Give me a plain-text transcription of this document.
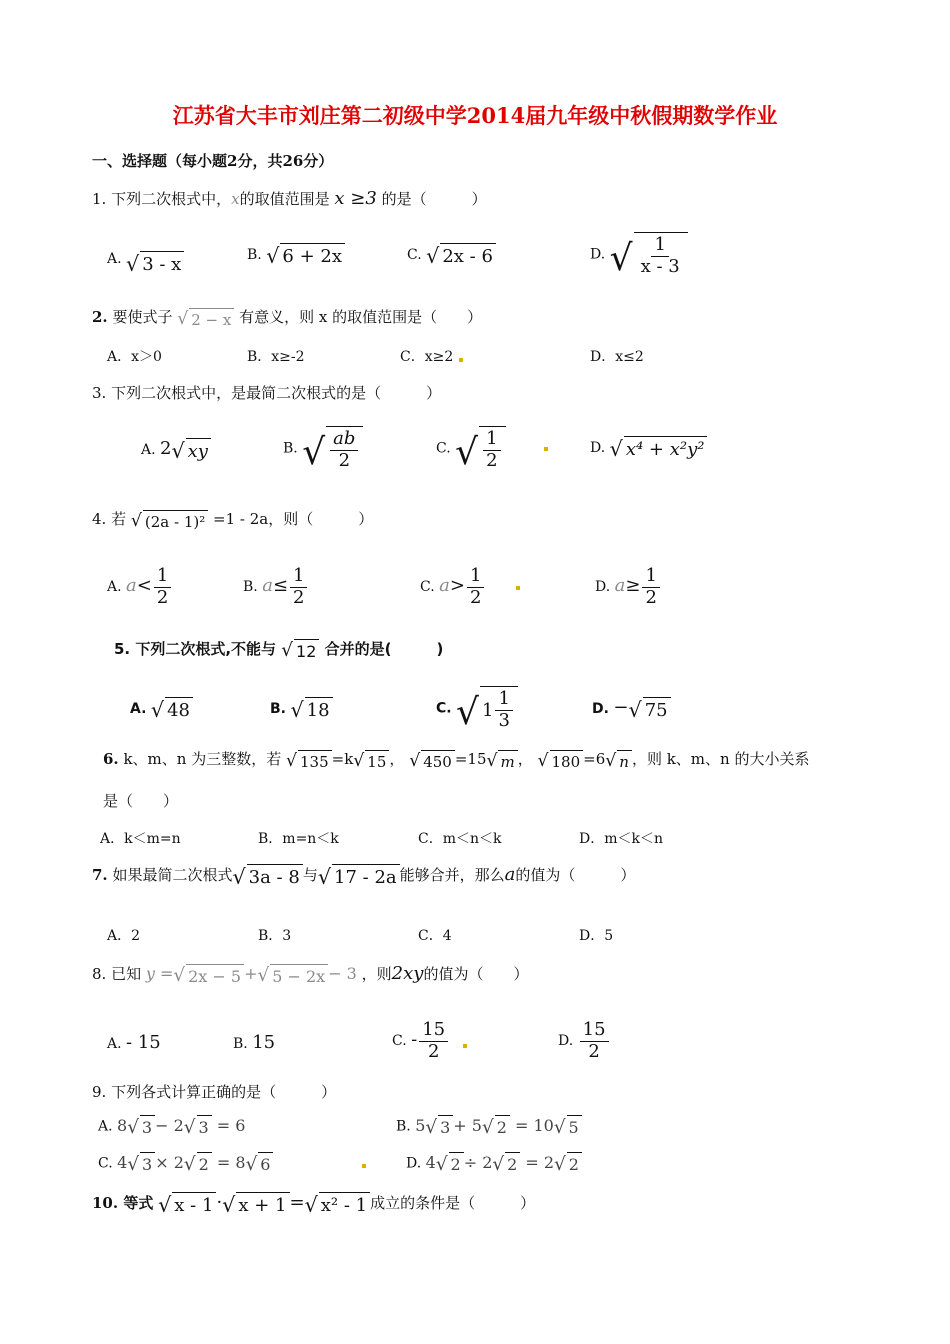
江苏省大丰市刘庄第二初级中学2014届九年级中秋假期数学作业
一、选择题（每小题2分，共26分）
1. 下列二次根式中，x的取值范围是 x ≥3 的是（　　　）
A. √ 3 - x	B. √ 6 + 2x	C. √ 2x - 6	D. √ $\frac{1}{x - 3}$
2. 要使式子 √ 2 − x 有意义，则 x 的取值范围是（　　）
A．x＞0	B．x≥-2	C．x≥2	D．x≤2
3. 下列二次根式中，是最简二次根式的是（　　　）
A. 2 √ xy	B. √ $\frac{ab}{2}$	C. √ $\frac{1}{2}$	D. √ x⁴ + x²y²
4. 若 √ (2a - 1)² =1 - 2a，则（　　　）
A. $a< \frac{1}{2}$	B. $a\le \frac{1}{2}$	C. $a> \frac{1}{2}$	D. $a\ge \frac{1}{2}$
5. 下列二次根式,不能与 √ 12 合并的是(　　　)
A. √ 48	B. √ 18	C. √ $1 \frac{1}{3}$	D. − √ 75
6. k、m、n 为三整数，若 √ 135 =k √ 15 ， √ 450 =15 √ m ， √ 180 =6 √ n ，则 k、m、n 的大小关系
是（　　）
A．k＜m=n	B．m=n＜k	C．m＜n＜k	D．m＜k＜n
7. 如果最简二次根式 √ 3a - 8 与 √ 17 - 2a 能够合并，那么a的值为（　　　）
A．2	B．3	C．4	D．5
8. 已知 y = √ 2x − 5 + √ 5 − 2x − 3 ，则2xy的值为（　　）
A. - 15	B. 15	C. - $\frac{15}{2}$	D. $\frac{15}{2}$
9. 下列各式计算正确的是（　　　）
A. 8 √ 3 − 2 √ 3 = 6	B. 5 √ 3 + 5 √ 2 = 10 √ 5
C. 4 √ 3 × 2 √ 2 = 8 √ 6	D. 4 √ 2 ÷ 2 √ 2 = 2 √ 2
10. 等式 √ x - 1 · √ x + 1 = √ x² - 1 成立的条件是（　　　）
